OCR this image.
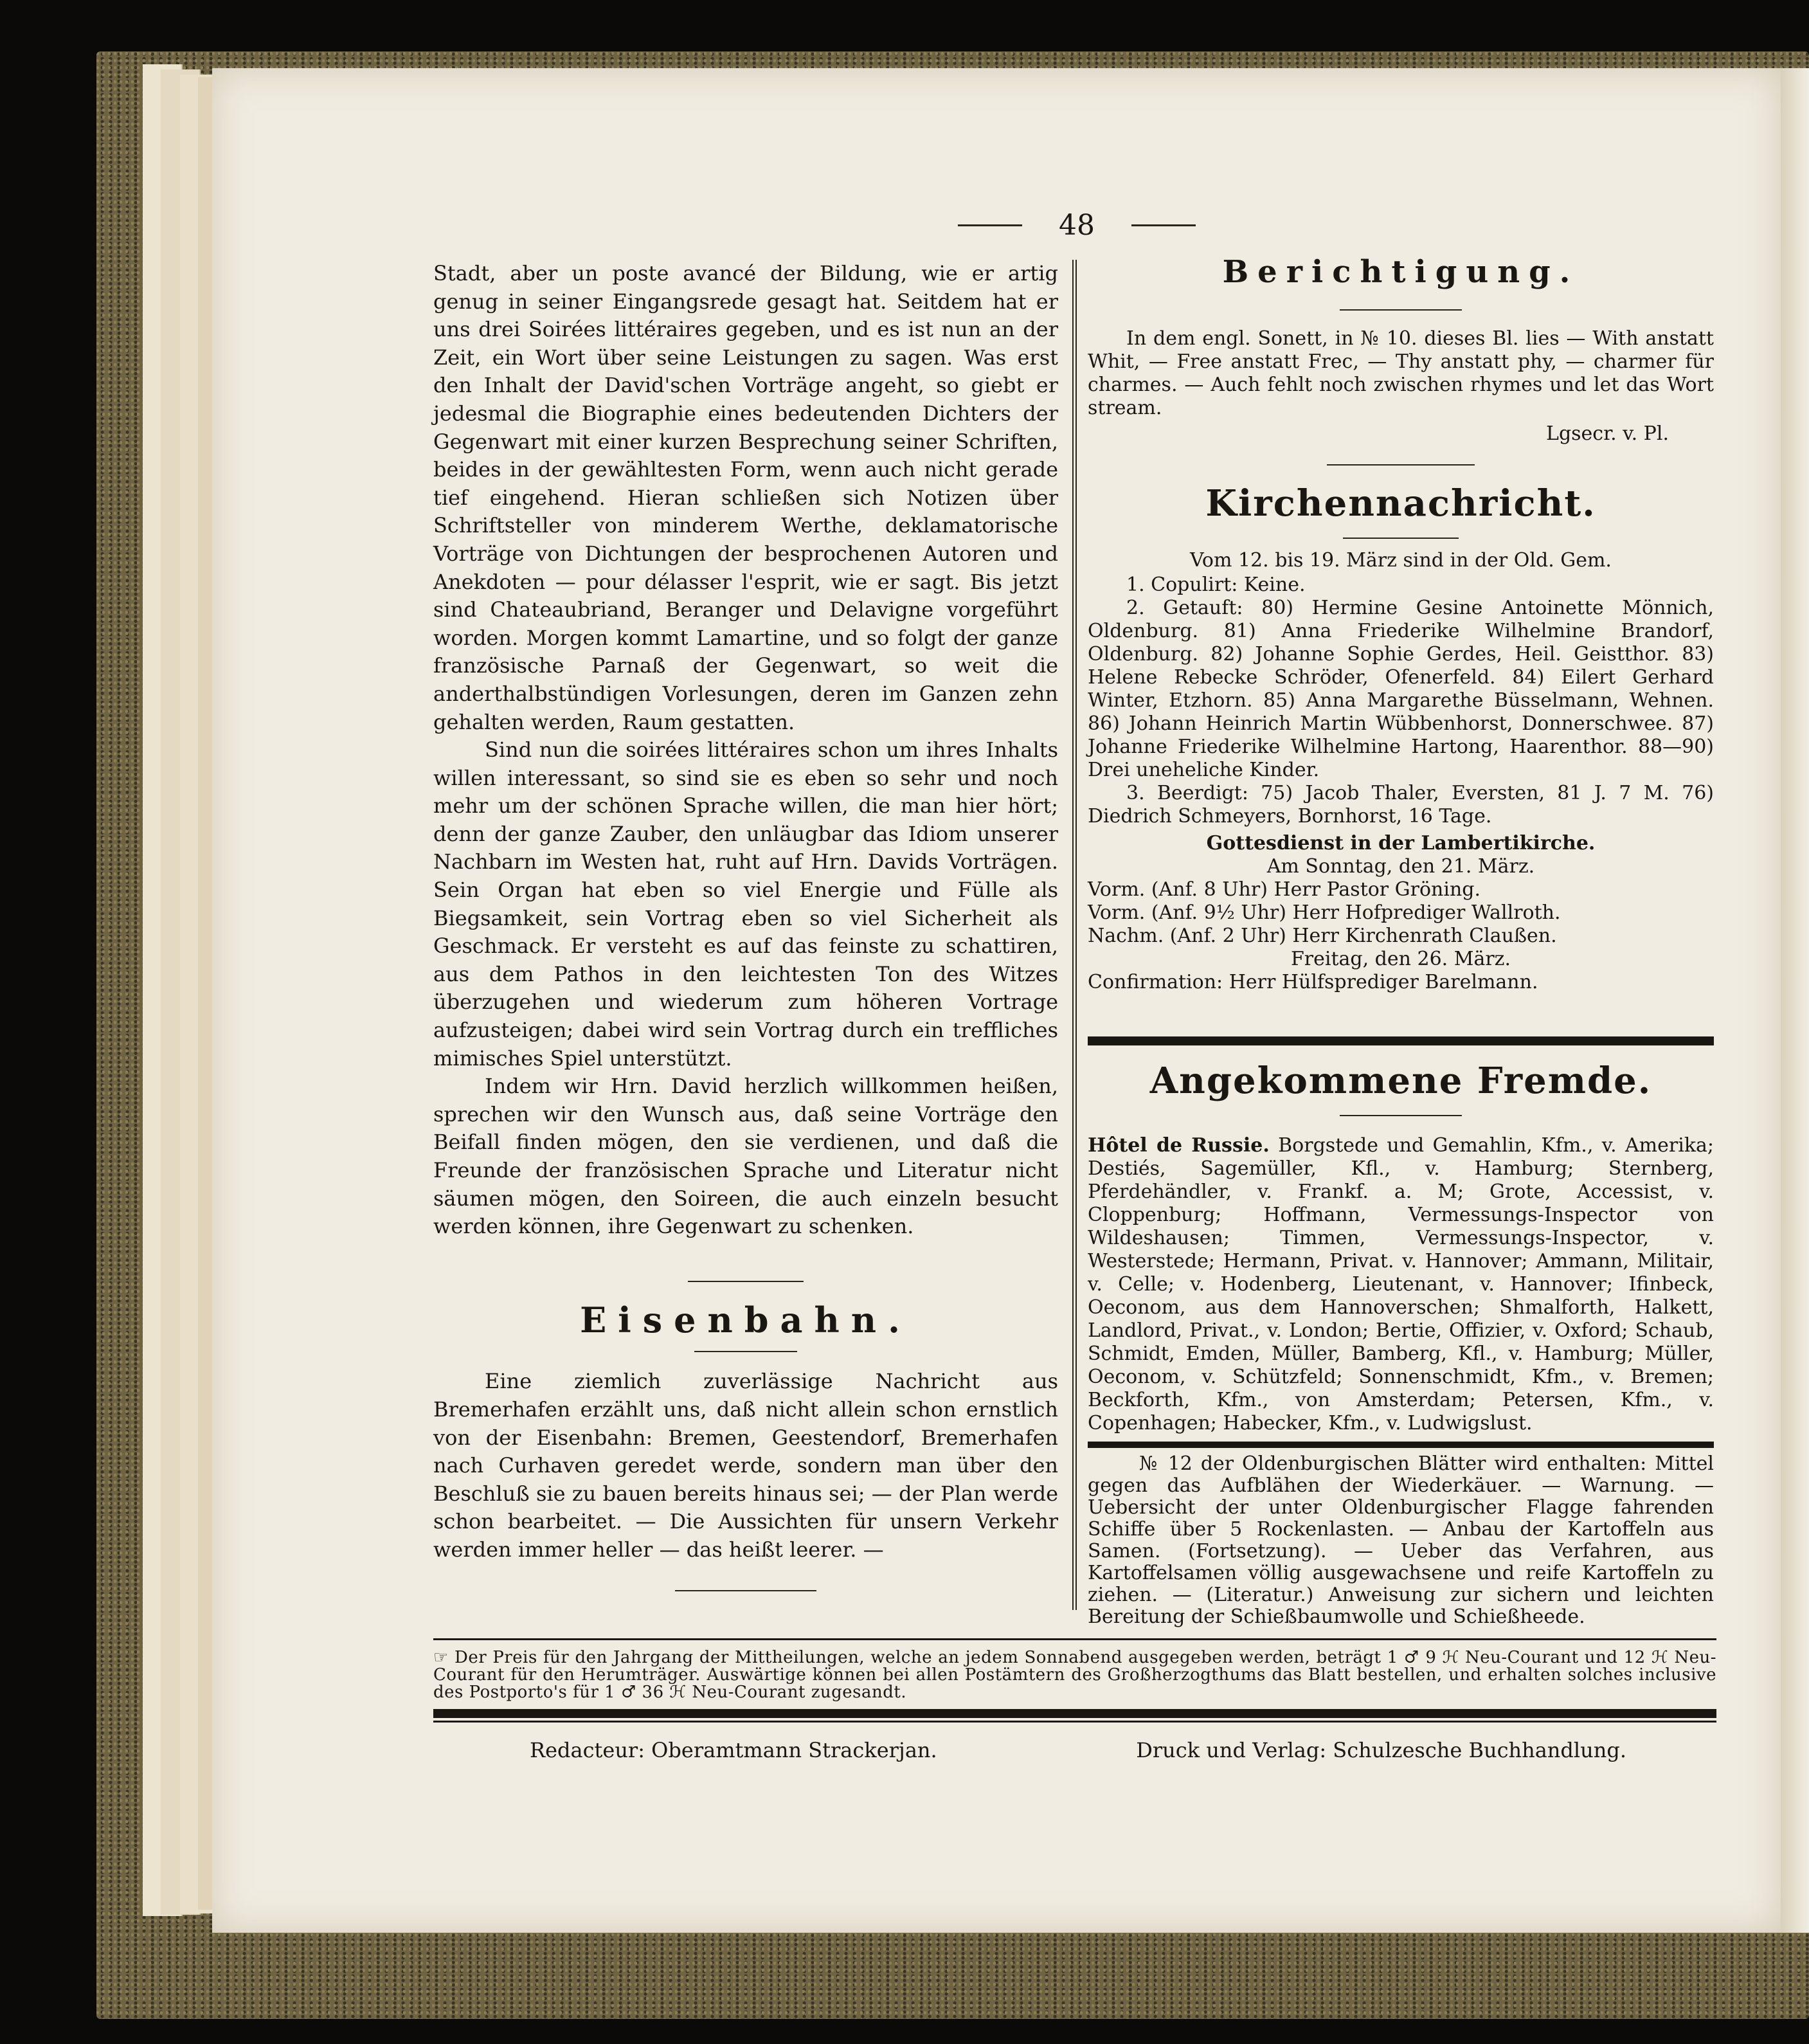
48

Stadt, aber un poste avancé der Bildung, wie er artig genug in seiner Eingangsrede gesagt hat. Seitdem hat er uns drei Soirées littéraires gegeben, und es ist nun an der Zeit, ein Wort über seine Leistungen zu sagen. Was erst den Inhalt der David'schen Vorträge angeht, so giebt er jedesmal die Biographie eines bedeutenden Dichters der Gegenwart mit einer kurzen Besprechung seiner Schriften, beides in der gewähltesten Form, wenn auch nicht gerade tief eingehend. Hieran schließen sich Notizen über Schriftsteller von minderem Werthe, deklamatorische Vorträge von Dichtungen der besprochenen Autoren und Anekdoten — pour délasser l'esprit, wie er sagt. Bis jetzt sind Chateaubriand, Beranger und Delavigne vorgeführt worden. Morgen kommt Lamartine, und so folgt der ganze französische Parnaß der Gegenwart, so weit die anderthalbstündigen Vorlesungen, deren im Ganzen zehn gehalten werden, Raum gestatten.

Sind nun die soirées littéraires schon um ihres Inhalts willen interessant, so sind sie es eben so sehr und noch mehr um der schönen Sprache willen, die man hier hört; denn der ganze Zauber, den unläugbar das Idiom unserer Nachbarn im Westen hat, ruht auf Hrn. Davids Vorträgen. Sein Organ hat eben so viel Energie und Fülle als Biegsamkeit, sein Vortrag eben so viel Sicherheit als Geschmack. Er versteht es auf das feinste zu schattiren, aus dem Pathos in den leichtesten Ton des Witzes überzugehen und wiederum zum höheren Vortrage aufzusteigen; dabei wird sein Vortrag durch ein treffliches mimisches Spiel unterstützt.

Indem wir Hrn. David herzlich willkommen heißen, sprechen wir den Wunsch aus, daß seine Vorträge den Beifall finden mögen, den sie verdienen, und daß die Freunde der französischen Sprache und Literatur nicht säumen mögen, den Soireen, die auch einzeln besucht werden können, ihre Gegenwart zu schenken.

Eisenbahn.

Eine ziemlich zuverlässige Nachricht aus Bremerhafen erzählt uns, daß nicht allein schon ernstlich von der Eisenbahn: Bremen, Geestendorf, Bremerhafen nach Curhaven geredet werde, sondern man über den Beschluß sie zu bauen bereits hinaus sei; — der Plan werde schon bearbeitet. — Die Aussichten für unsern Verkehr werden immer heller — das heißt leerer. —

Berichtigung.
In dem engl. Sonett, in № 10. dieses Bl. lies — With anstatt Whit, — Free anstatt Frec, — Thy anstatt phy, — charmer für charmes. — Auch fehlt noch zwischen rhymes und let das Wort stream.
Lgsecr. v. Pl.
Kirchennachricht.
Vom 12. bis 19. März sind in der Old. Gem.
1. Copulirt: Keine.
2. Getauft: 80) Hermine Gesine Antoinette Mönnich, Oldenburg. 81) Anna Friederike Wilhelmine Brandorf, Oldenburg. 82) Johanne Sophie Gerdes, Heil. Geistthor. 83) Helene Rebecke Schröder, Ofenerfeld. 84) Eilert Gerhard Winter, Etzhorn. 85) Anna Margarethe Büsselmann, Wehnen. 86) Johann Heinrich Martin Wübbenhorst, Donnerschwee. 87) Johanne Friederike Wilhelmine Hartong, Haarenthor. 88—90) Drei uneheliche Kinder.
3. Beerdigt: 75) Jacob Thaler, Eversten, 81 J. 7 M. 76) Diedrich Schmeyers, Bornhorst, 16 Tage.
Gottesdienst in der Lambertikirche.
Am Sonntag, den 21. März.
Vorm. (Anf. 8 Uhr) Herr Pastor Gröning.
Vorm. (Anf. 9½ Uhr) Herr Hofprediger Wallroth.
Nachm. (Anf. 2 Uhr) Herr Kirchenrath Claußen.
Freitag, den 26. März.
Confirmation: Herr Hülfsprediger Barelmann.
Angekommene Fremde.
Hôtel de Russie. Borgstede und Gemahlin, Kfm., v. Amerika; Destiés, Sagemüller, Kfl., v. Hamburg; Sternberg, Pferdehändler, v. Frankf. a. M; Grote, Accessist, v. Cloppenburg; Hoffmann, Vermessungs-Inspector von Wildeshausen; Timmen, Vermessungs-Inspector, v. Westerstede; Hermann, Privat. v. Hannover; Ammann, Militair, v. Celle; v. Hodenberg, Lieutenant, v. Hannover; Ifinbeck, Oeconom, aus dem Hannoverschen; Shmalforth, Halkett, Landlord, Privat., v. London; Bertie, Offizier, v. Oxford; Schaub, Schmidt, Emden, Müller, Bamberg, Kfl., v. Hamburg; Müller, Oeconom, v. Schützfeld; Sonnenschmidt, Kfm., v. Bremen; Beckforth, Kfm., von Amsterdam; Petersen, Kfm., v. Copenhagen; Habecker, Kfm., v. Ludwigslust.
№ 12 der Oldenburgischen Blätter wird enthalten: Mittel gegen das Aufblähen der Wiederkäuer. — Warnung. — Uebersicht der unter Oldenburgischer Flagge fahrenden Schiffe über 5 Rockenlasten. — Anbau der Kartoffeln aus Samen. (Fortsetzung). — Ueber das Verfahren, aus Kartoffelsamen völlig ausgewachsene und reife Kartoffeln zu ziehen. — (Literatur.) Anweisung zur sichern und leichten Bereitung der Schießbaumwolle und Schießheede.
☞ Der Preis für den Jahrgang der Mittheilungen, welche an jedem Sonnabend ausgegeben werden, beträgt 1 ♂ 9 ℋ Neu-Courant und 12 ℋ Neu-Courant für den Herumträger. Auswärtige können bei allen Postämtern des Großherzogthums das Blatt bestellen, und erhalten solches inclusive des Postporto's für 1 ♂ 36 ℋ Neu-Courant zugesandt.
Redacteur: Oberamtmann Strackerjan.	Druck und Verlag: Schulzesche Buchhandlung.
